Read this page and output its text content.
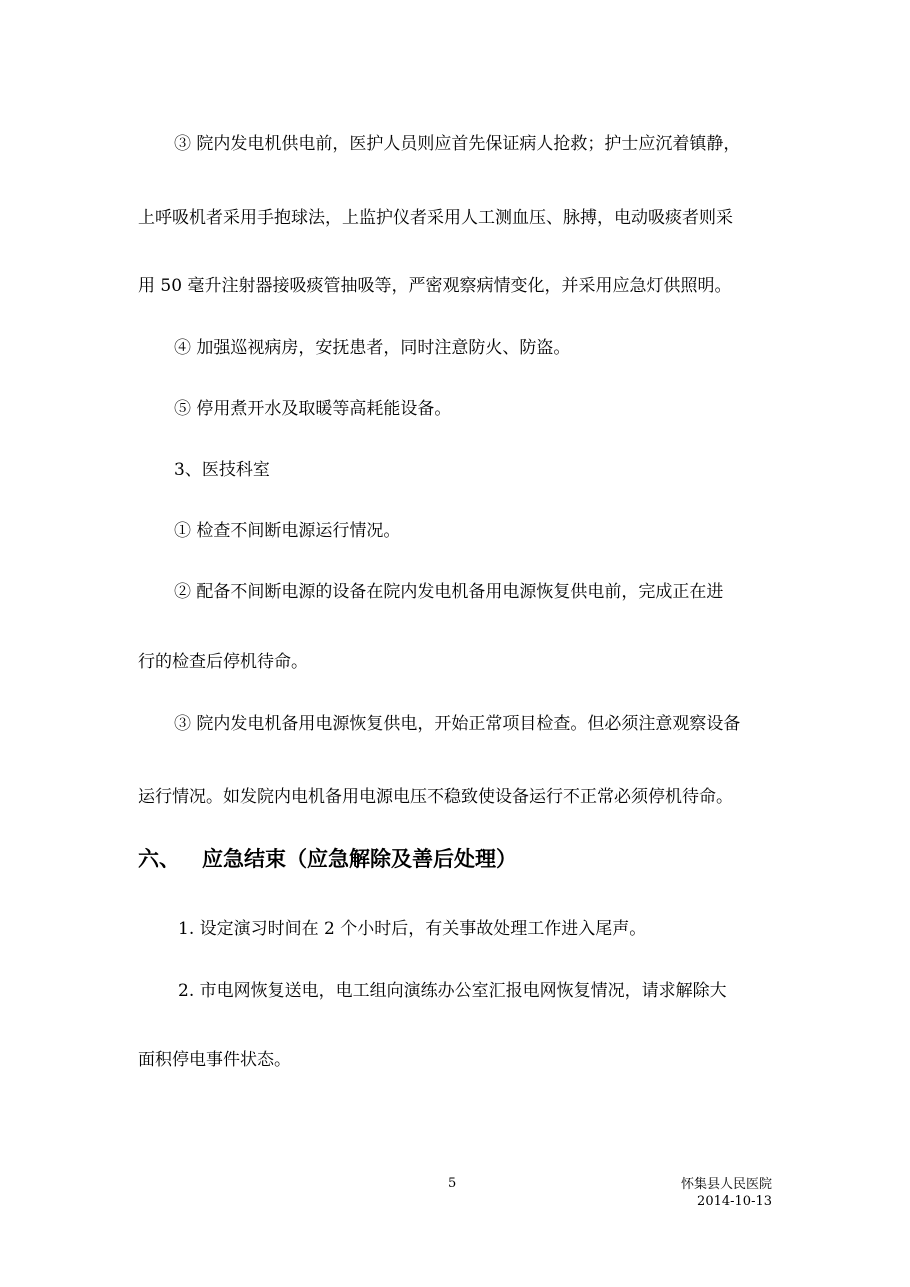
③ 院内发电机供电前，医护人员则应首先保证病人抢救；护士应沉着镇静，
上呼吸机者采用手抱球法，上监护仪者采用人工测血压、脉搏，电动吸痰者则采
用 50 毫升注射器接吸痰管抽吸等，严密观察病情变化，并采用应急灯供照明。
④ 加强巡视病房，安抚患者，同时注意防火、防盗。
⑤ 停用煮开水及取暖等高耗能设备。
3、医技科室
① 检查不间断电源运行情况。
② 配备不间断电源的设备在院内发电机备用电源恢复供电前，完成正在进
行的检查后停机待命。
③ 院内发电机备用电源恢复供电，开始正常项目检查。但必须注意观察设备
运行情况。如发院内电机备用电源电压不稳致使设备运行不正常必须停机待命。
六、 应急结束（应急解除及善后处理）
1. 设定演习时间在 2 个小时后，有关事故处理工作进入尾声。
2. 市电网恢复送电，电工组向演练办公室汇报电网恢复情况，请求解除大
面积停电事件状态。
5	怀集县人民医院
2014-10-13
